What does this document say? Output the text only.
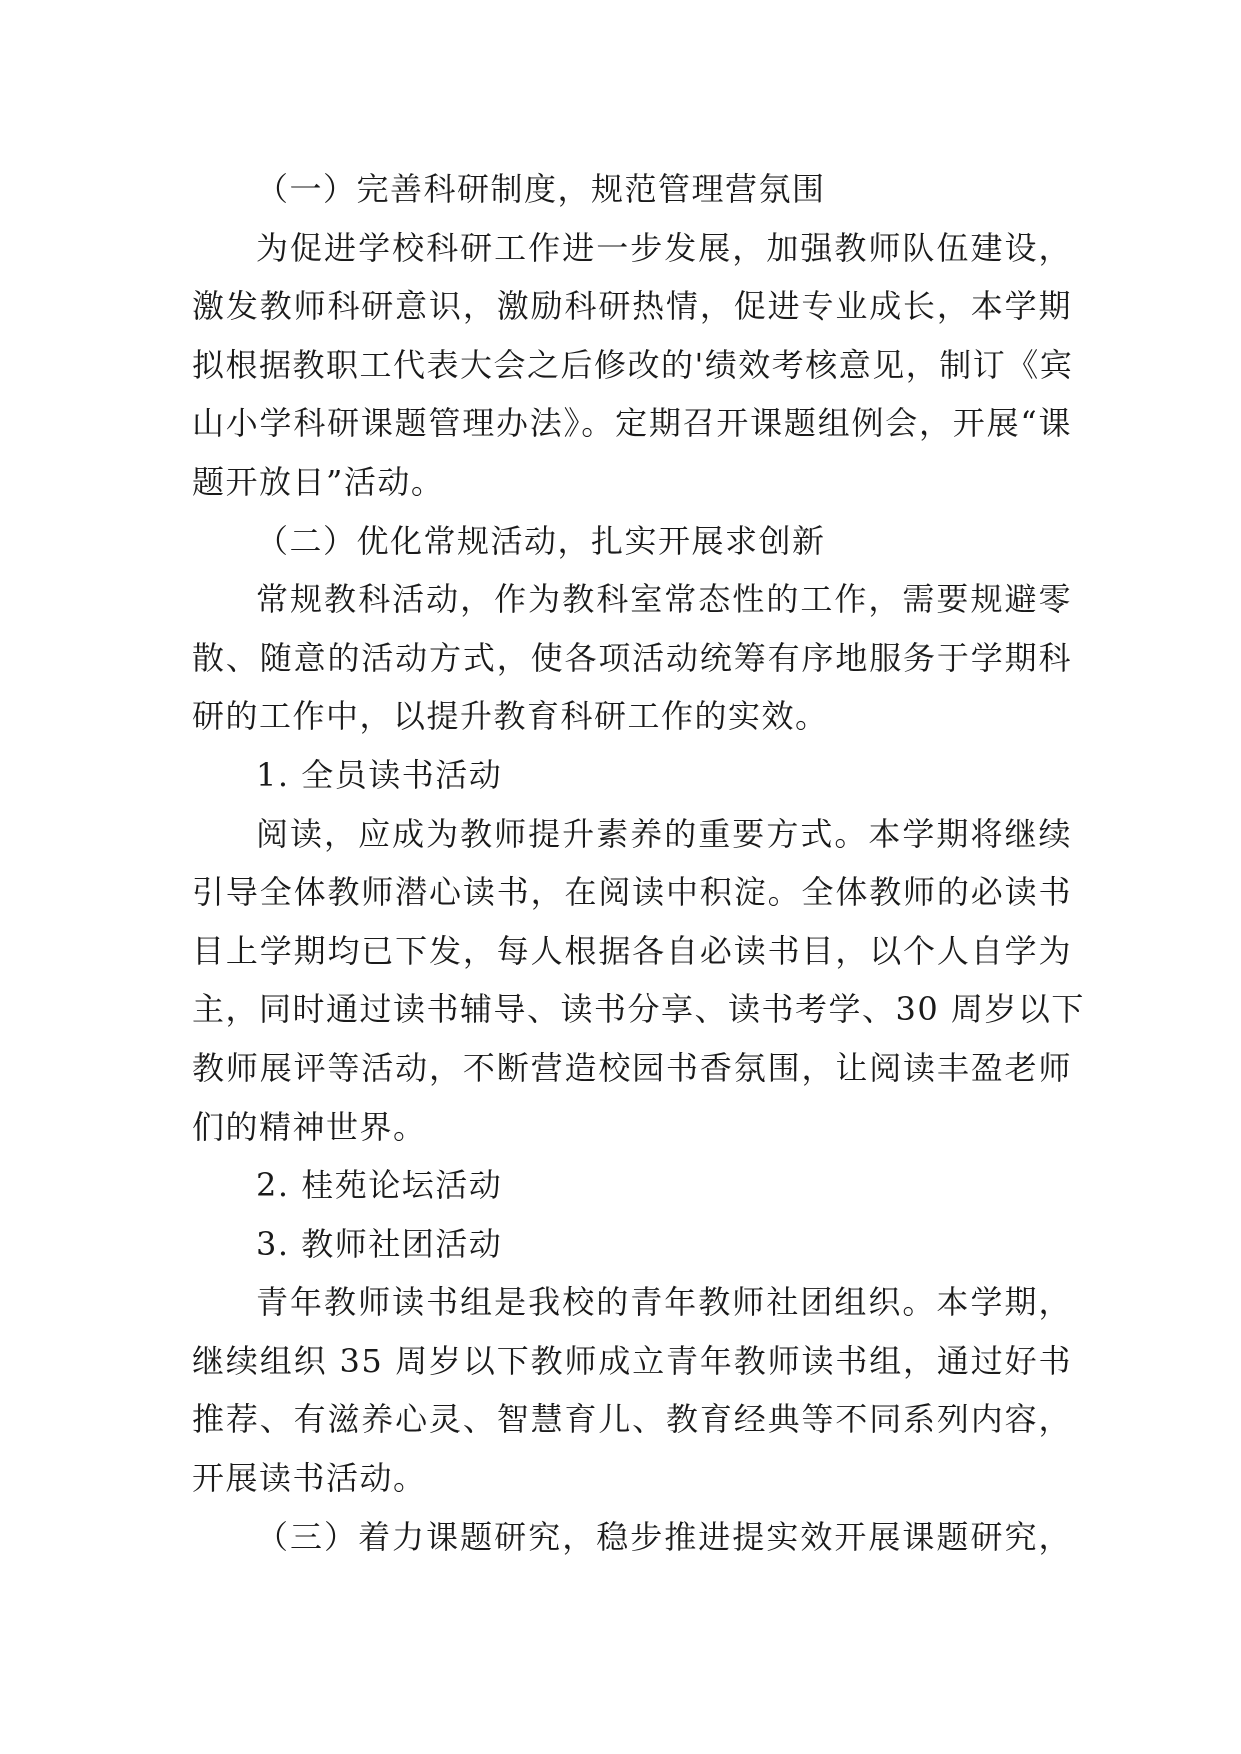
（一）完善科研制度，规范管理营氛围
为促进学校科研工作进一步发展，加强教师队伍建设，
激发教师科研意识，激励科研热情，促进专业成长，本学期
拟根据教职工代表大会之后修改的'绩效考核意见，制订《宾
山小学科研课题管理办法》。定期召开课题组例会，开展“课
题开放日”活动。
（二）优化常规活动，扎实开展求创新
常规教科活动，作为教科室常态性的工作，需要规避零
散、随意的活动方式，使各项活动统筹有序地服务于学期科
研的工作中，以提升教育科研工作的实效。
1. 全员读书活动
阅读，应成为教师提升素养的重要方式。本学期将继续
引导全体教师潜心读书，在阅读中积淀。全体教师的必读书
目上学期均已下发，每人根据各自必读书目，以个人自学为
主，同时通过读书辅导、读书分享、读书考学、30 周岁以下
教师展评等活动，不断营造校园书香氛围，让阅读丰盈老师
们的精神世界。
2. 桂苑论坛活动
3. 教师社团活动
青年教师读书组是我校的青年教师社团组织。本学期，
继续组织 35 周岁以下教师成立青年教师读书组，通过好书
推荐、有滋养心灵、智慧育儿、教育经典等不同系列内容，
开展读书活动。
（三）着力课题研究，稳步推进提实效开展课题研究，
